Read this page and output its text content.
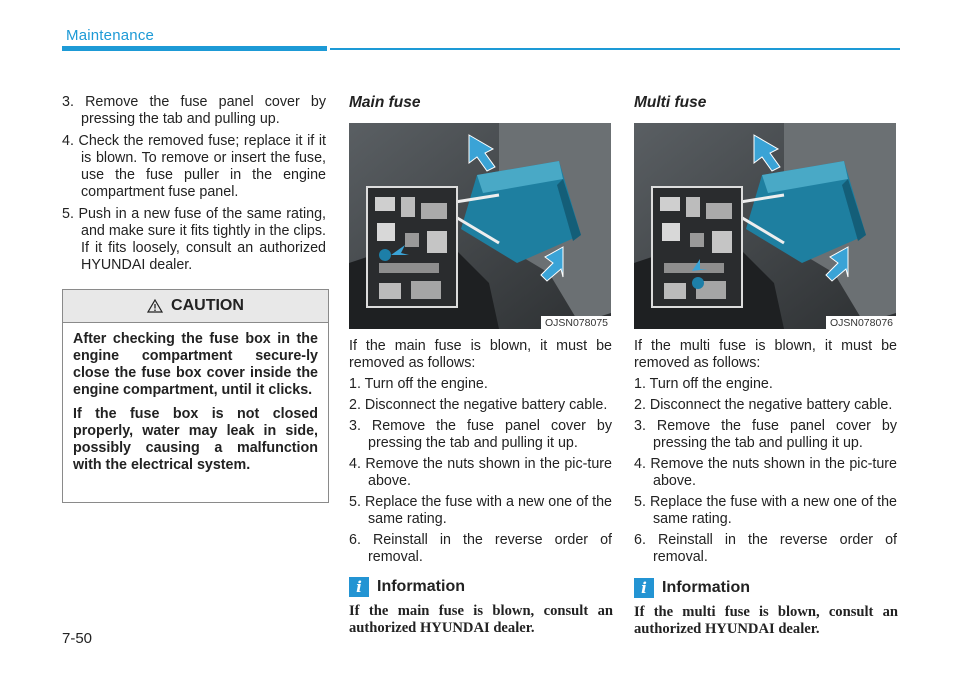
Maintenance
3. Remove the fuse panel cover by pressing the tab and pulling up.
4. Check the removed fuse; replace it if it is blown. To remove or insert the fuse, use the fuse puller in the engine compartment fuse panel.
5. Push in a new fuse of the same rating, and make sure it fits tightly in the clips. If it fits loosely, consult an authorized HYUNDAI dealer.
CAUTION

After checking the fuse box in the engine compartment secure-ly close the fuse box cover inside the engine compartment, until it clicks.

If the fuse box is not closed properly, water may leak in side, possibly causing a malfunction with the electrical system.

Main fuse
OJSN078075
If the main fuse is blown, it must be removed as follows:
1. Turn off the engine.
2. Disconnect the negative battery cable.
3. Remove the fuse panel cover by pressing the tab and pulling it up.
4. Remove the nuts shown in the pic-ture above.
5. Replace the fuse with a new one of the same rating.
6. Reinstall in the reverse order of removal.
i Information
If the main fuse is blown, consult an authorized HYUNDAI dealer.
Multi fuse
OJSN078076
If the multi fuse is blown, it must be removed as follows:
1. Turn off the engine.
2. Disconnect the negative battery cable.
3. Remove the fuse panel cover by pressing the tab and pulling it up.
4. Remove the nuts shown in the pic-ture above.
5. Replace the fuse with a new one of the same rating.
6. Reinstall in the reverse order of removal.
i Information
If the multi fuse is blown, consult an authorized HYUNDAI dealer.
7-50
